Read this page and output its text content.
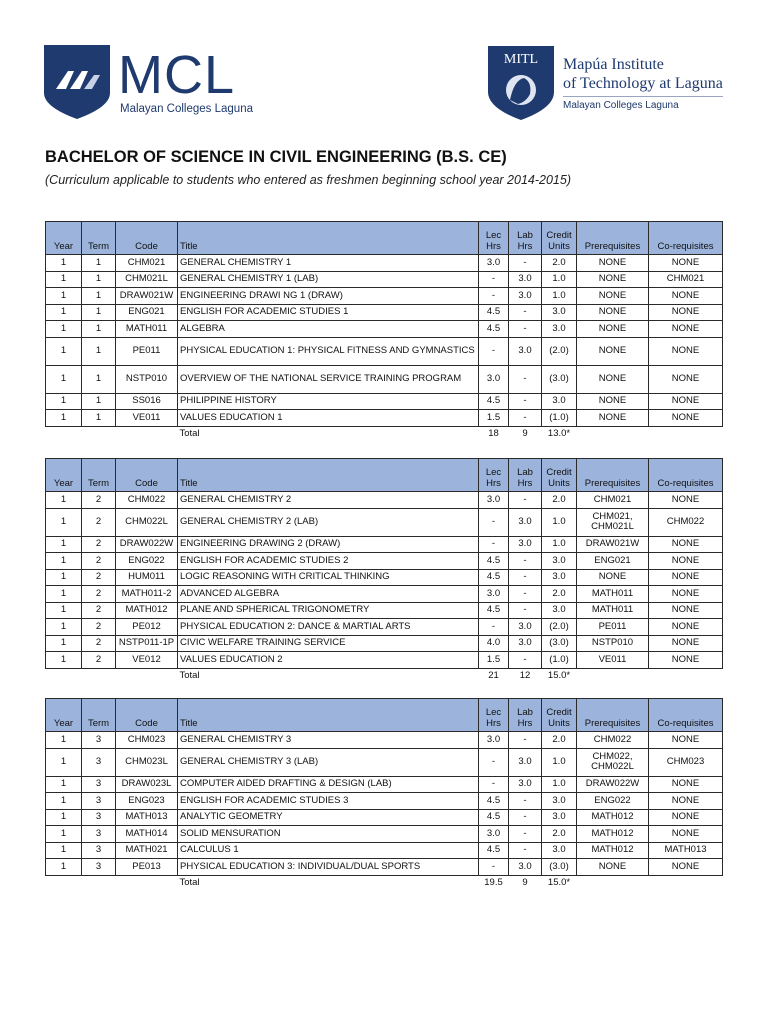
MCL
Malayan Colleges Laguna
MITL Mapúa Institute
of Technology at Laguna
Malayan Colleges Laguna
BACHELOR OF SCIENCE IN CIVIL ENGINEERING (B.S. CE)
(Curriculum applicable to students who entered as freshmen beginning school year 2014-2015)
Year	Term	Code	Title	Lec Hrs	Lab Hrs	Credit Units	Prerequisites	Co-requisites
1	1	CHM021	GENERAL CHEMISTRY 1	3.0	-	2.0	NONE	NONE
1	1	CHM021L	GENERAL CHEMISTRY 1 (LAB)	-	3.0	1.0	NONE	CHM021
1	1	DRAW021W	ENGINEERING DRAWI NG 1 (DRAW)	-	3.0	1.0	NONE	NONE
1	1	ENG021	ENGLISH FOR ACADEMIC STUDIES 1	4.5	-	3.0	NONE	NONE
1	1	MATH011	ALGEBRA	4.5	-	3.0	NONE	NONE
1	1	PE011	PHYSICAL EDUCATION 1: PHYSICAL FITNESS AND GYMNASTICS	-	3.0	(2.0)	NONE	NONE
1	1	NSTP010	OVERVIEW OF THE NATIONAL SERVICE TRAINING PROGRAM	3.0	-	(3.0)	NONE	NONE
1	1	SS016	PHILIPPINE HISTORY	4.5	-	3.0	NONE	NONE
1	1	VE011	VALUES EDUCATION 1	1.5	-	(1.0)	NONE	NONE
			Total	18	9	13.0*		
Year	Term	Code	Title	Lec Hrs	Lab Hrs	Credit Units	Prerequisites	Co-requisites
1	2	CHM022	GENERAL CHEMISTRY 2	3.0	-	2.0	CHM021	NONE
1	2	CHM022L	GENERAL CHEMISTRY 2 (LAB)	-	3.0	1.0	CHM021, CHM021L	CHM022
1	2	DRAW022W	ENGINEERING DRAWING 2 (DRAW)	-	3.0	1.0	DRAW021W	NONE
1	2	ENG022	ENGLISH FOR ACADEMIC STUDIES 2	4.5	-	3.0	ENG021	NONE
1	2	HUM011	LOGIC REASONING WITH CRITICAL THINKING	4.5	-	3.0	NONE	NONE
1	2	MATH011-2	ADVANCED ALGEBRA	3.0	-	2.0	MATH011	NONE
1	2	MATH012	PLANE AND SPHERICAL TRIGONOMETRY	4.5	-	3.0	MATH011	NONE
1	2	PE012	PHYSICAL EDUCATION 2: DANCE & MARTIAL ARTS	-	3.0	(2.0)	PE011	NONE
1	2	NSTP011-1P	CIVIC WELFARE TRAINING SERVICE	4.0	3.0	(3.0)	NSTP010	NONE
1	2	VE012	VALUES EDUCATION 2	1.5	-	(1.0)	VE011	NONE
			Total	21	12	15.0*		
Year	Term	Code	Title	Lec Hrs	Lab Hrs	Credit Units	Prerequisites	Co-requisites
1	3	CHM023	GENERAL CHEMISTRY 3	3.0	-	2.0	CHM022	NONE
1	3	CHM023L	GENERAL CHEMISTRY 3 (LAB)	-	3.0	1.0	CHM022, CHM022L	CHM023
1	3	DRAW023L	COMPUTER AIDED DRAFTING & DESIGN (LAB)	-	3.0	1.0	DRAW022W	NONE
1	3	ENG023	ENGLISH FOR ACADEMIC STUDIES 3	4.5	-	3.0	ENG022	NONE
1	3	MATH013	ANALYTIC GEOMETRY	4.5	-	3.0	MATH012	NONE
1	3	MATH014	SOLID MENSURATION	3.0	-	2.0	MATH012	NONE
1	3	MATH021	CALCULUS 1	4.5	-	3.0	MATH012	MATH013
1	3	PE013	PHYSICAL EDUCATION 3: INDIVIDUAL/DUAL SPORTS	-	3.0	(3.0)	NONE	NONE
			Total	19.5	9	15.0*		
